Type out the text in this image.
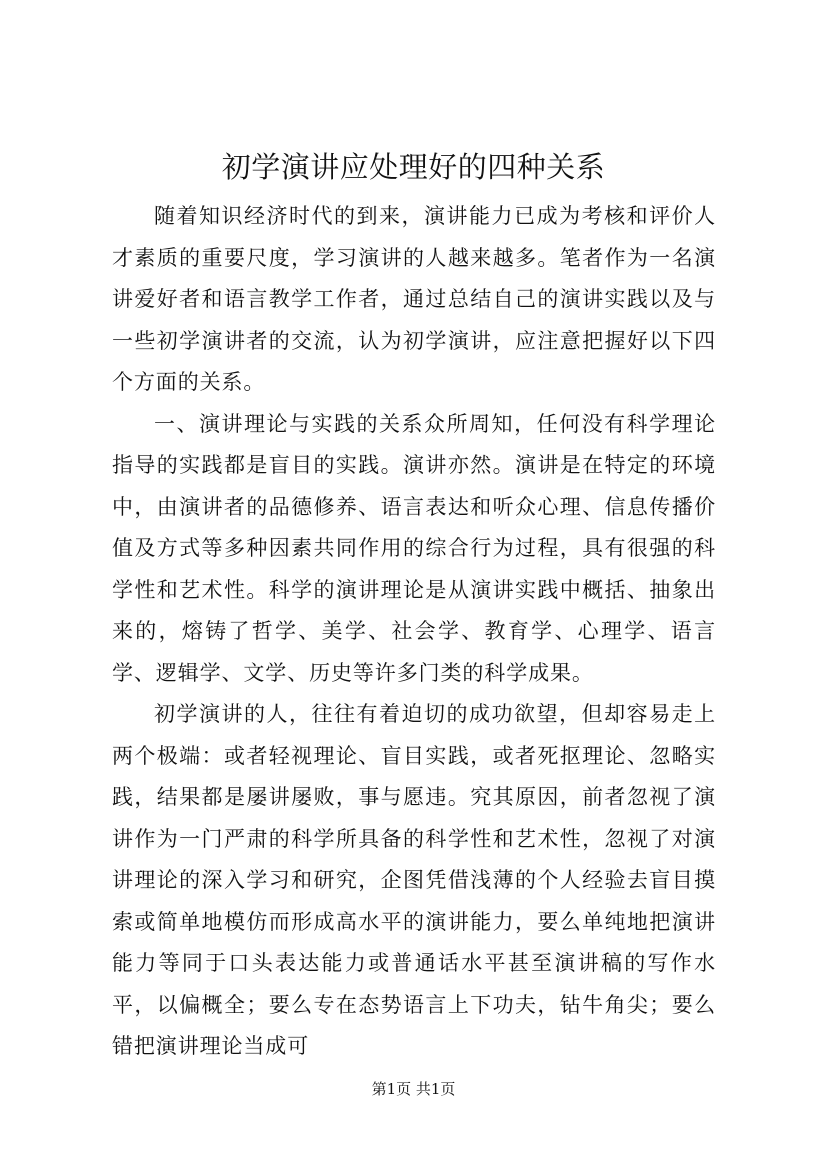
初学演讲应处理好的四种关系

随着知识经济时代的到来，演讲能力已成为考核和评价人才素质的重要尺度，学习演讲的人越来越多。笔者作为一名演讲爱好者和语言教学工作者，通过总结自己的演讲实践以及与一些初学演讲者的交流，认为初学演讲，应注意把握好以下四个方面的关系。

一、演讲理论与实践的关系众所周知，任何没有科学理论指导的实践都是盲目的实践。演讲亦然。演讲是在特定的环境中，由演讲者的品德修养、语言表达和听众心理、信息传播价值及方式等多种因素共同作用的综合行为过程，具有很强的科学性和艺术性。科学的演讲理论是从演讲实践中概括、抽象出来的，熔铸了哲学、美学、社会学、教育学、心理学、语言学、逻辑学、文学、历史等许多门类的科学成果。

初学演讲的人，往往有着迫切的成功欲望，但却容易走上两个极端：或者轻视理论、盲目实践，或者死抠理论、忽略实践，结果都是屡讲屡败，事与愿违。究其原因，前者忽视了演讲作为一门严肃的科学所具备的科学性和艺术性，忽视了对演讲理论的深入学习和研究，企图凭借浅薄的个人经验去盲目摸索或简单地模仿而形成高水平的演讲能力，要么单纯地把演讲能力等同于口头表达能力或普通话水平甚至演讲稿的写作水平，以偏概全；要么专在态势语言上下功夫，钻牛角尖；要么错把演讲理论当成可

第1页 共1页
